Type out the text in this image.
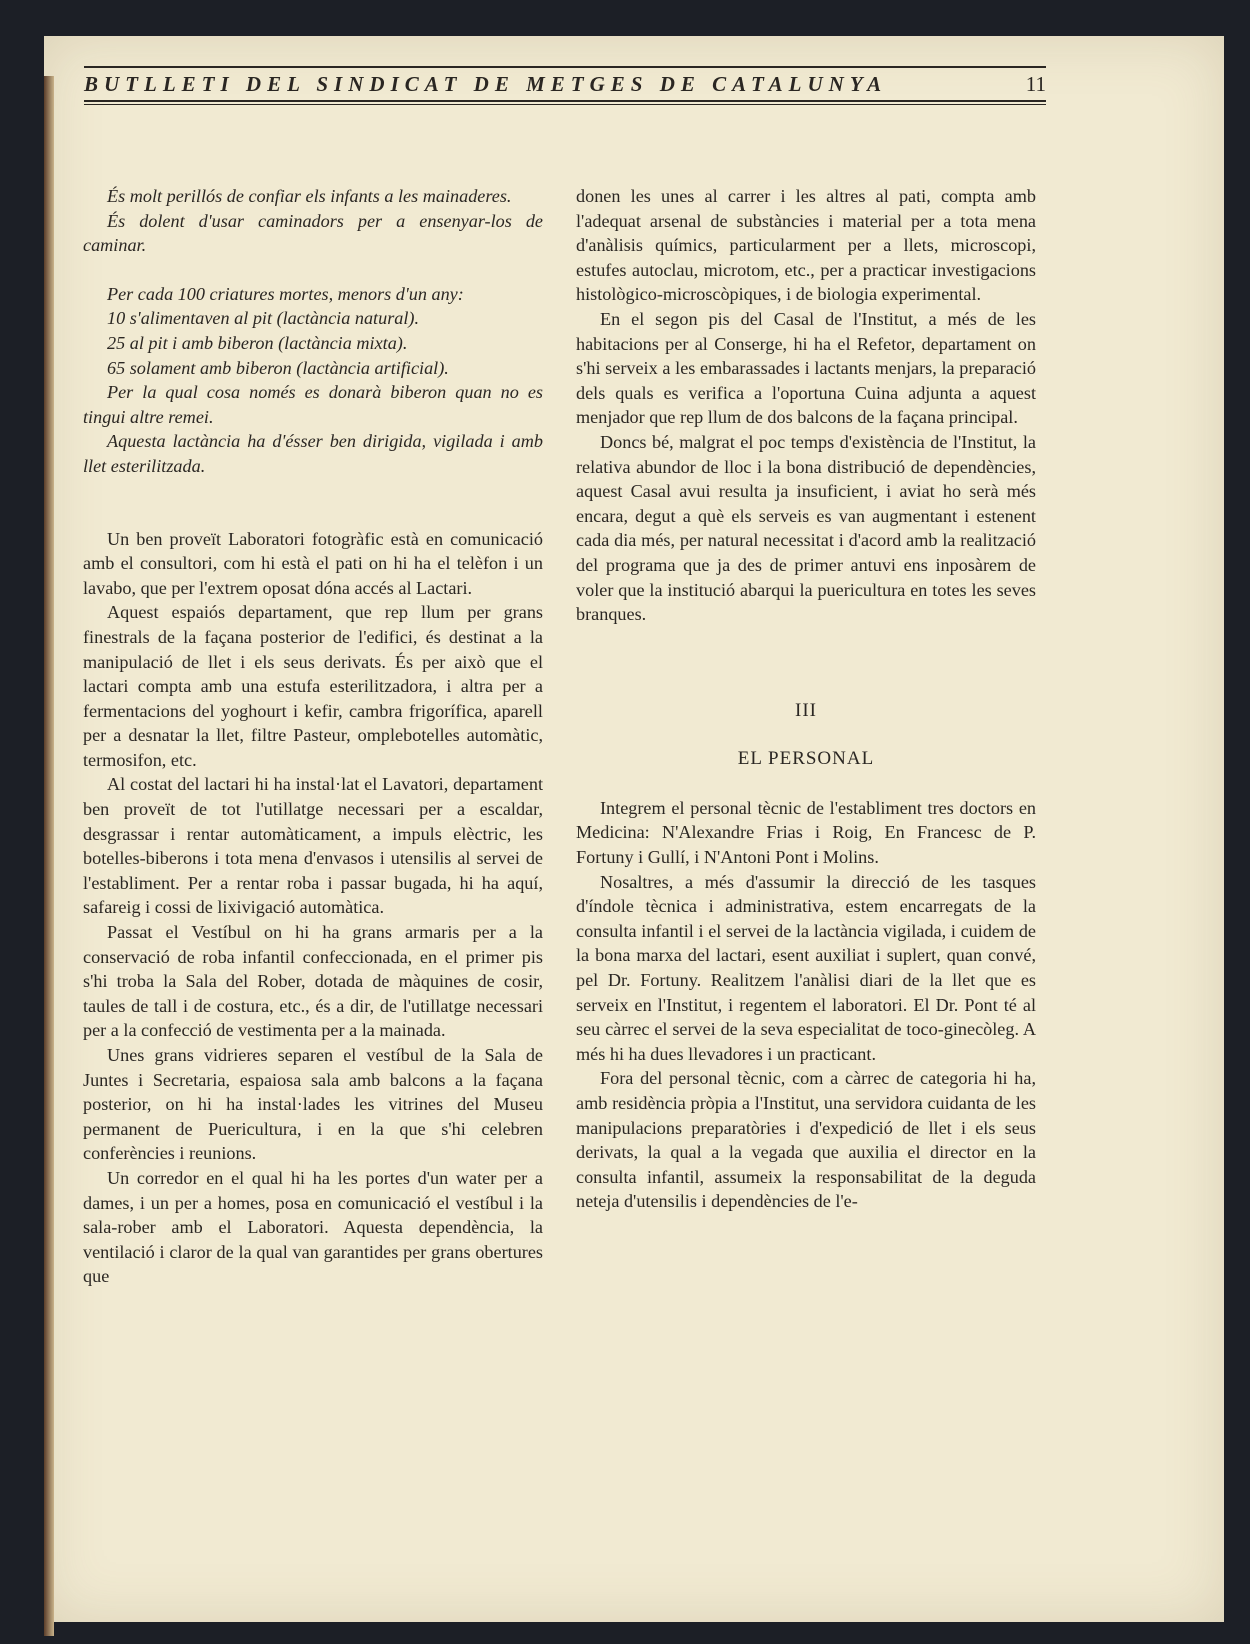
BUTLLETI DEL SINDICAT DE METGES DE CATALUNYA	11

És molt perillós de confiar els infants a les mainaderes.

És dolent d'usar caminadors per a ensenyar-los de caminar.

Per cada 100 criatures mortes, menors d'un any:

10 s'alimentaven al pit (lactància natural).

25 al pit i amb biberon (lactància mixta).

65 solament amb biberon (lactància artificial).

Per la qual cosa només es donarà biberon quan no es tingui altre remei.

Aquesta lactància ha d'ésser ben dirigida, vigilada i amb llet esterilitzada.

Un ben proveït Laboratori fotogràfic està en comunicació amb el consultori, com hi està el pati on hi ha el telèfon i un lavabo, que per l'extrem oposat dóna accés al Lactari.

Aquest espaiós departament, que rep llum per grans finestrals de la façana posterior de l'edifici, és destinat a la manipulació de llet i els seus derivats. És per això que el lactari compta amb una estufa esterilitzadora, i altra per a fermentacions del yoghourt i kefir, cambra frigorífica, aparell per a desnatar la llet, filtre Pasteur, omplebotelles automàtic, termosifon, etc.

Al costat del lactari hi ha instal·lat el Lavatori, departament ben proveït de tot l'utillatge necessari per a escaldar, desgrassar i rentar automàticament, a impuls elèctric, les botelles-biberons i tota mena d'envasos i utensilis al servei de l'establiment. Per a rentar roba i passar bugada, hi ha aquí, safareig i cossi de lixivigació automàtica.

Passat el Vestíbul on hi ha grans armaris per a la conservació de roba infantil confeccionada, en el primer pis s'hi troba la Sala del Rober, dotada de màquines de cosir, taules de tall i de costura, etc., és a dir, de l'utillatge necessari per a la confecció de vestimenta per a la mainada.

Unes grans vidrieres separen el vestíbul de la Sala de Juntes i Secretaria, espaiosa sala amb balcons a la façana posterior, on hi ha instal·lades les vitrines del Museu permanent de Puericultura, i en la que s'hi celebren conferències i reunions.

Un corredor en el qual hi ha les portes d'un water per a dames, i un per a homes, posa en comunicació el vestíbul i la sala-rober amb el Laboratori. Aquesta dependència, la ventilació i claror de la qual van garantides per grans obertures que

donen les unes al carrer i les altres al pati, compta amb l'adequat arsenal de substàncies i material per a tota mena d'anàlisis químics, particularment per a llets, microscopi, estufes autoclau, microtom, etc., per a practicar investigacions histològico-microscòpiques, i de biologia experimental.

En el segon pis del Casal de l'Institut, a més de les habitacions per al Conserge, hi ha el Refetor, departament on s'hi serveix a les embarassades i lactants menjars, la preparació dels quals es verifica a l'oportuna Cuina adjunta a aquest menjador que rep llum de dos balcons de la façana principal.

Doncs bé, malgrat el poc temps d'existència de l'Institut, la relativa abundor de lloc i la bona distribució de dependències, aquest Casal avui resulta ja insuficient, i aviat ho serà més encara, degut a què els serveis es van augmentant i estenent cada dia més, per natural necessitat i d'acord amb la realització del programa que ja des de primer antuvi ens inposàrem de voler que la institució abarqui la puericultura en totes les seves branques.

III

EL PERSONAL

Integrem el personal tècnic de l'establiment tres doctors en Medicina: N'Alexandre Frias i Roig, En Francesc de P. Fortuny i Gullí, i N'Antoni Pont i Molins.

Nosaltres, a més d'assumir la direcció de les tasques d'índole tècnica i administrativa, estem encarregats de la consulta infantil i el servei de la lactància vigilada, i cuidem de la bona marxa del lactari, esent auxiliat i suplert, quan convé, pel Dr. Fortuny. Realitzem l'anàlisi diari de la llet que es serveix en l'Institut, i regentem el laboratori. El Dr. Pont té al seu càrrec el servei de la seva especialitat de toco-ginecòleg. A més hi ha dues llevadores i un practicant.

Fora del personal tècnic, com a càrrec de categoria hi ha, amb residència pròpia a l'Institut, una servidora cuidanta de les manipulacions preparatòries i d'expedició de llet i els seus derivats, la qual a la vegada que auxilia el director en la consulta infantil, assumeix la responsabilitat de la deguda neteja d'utensilis i dependències de l'e-
